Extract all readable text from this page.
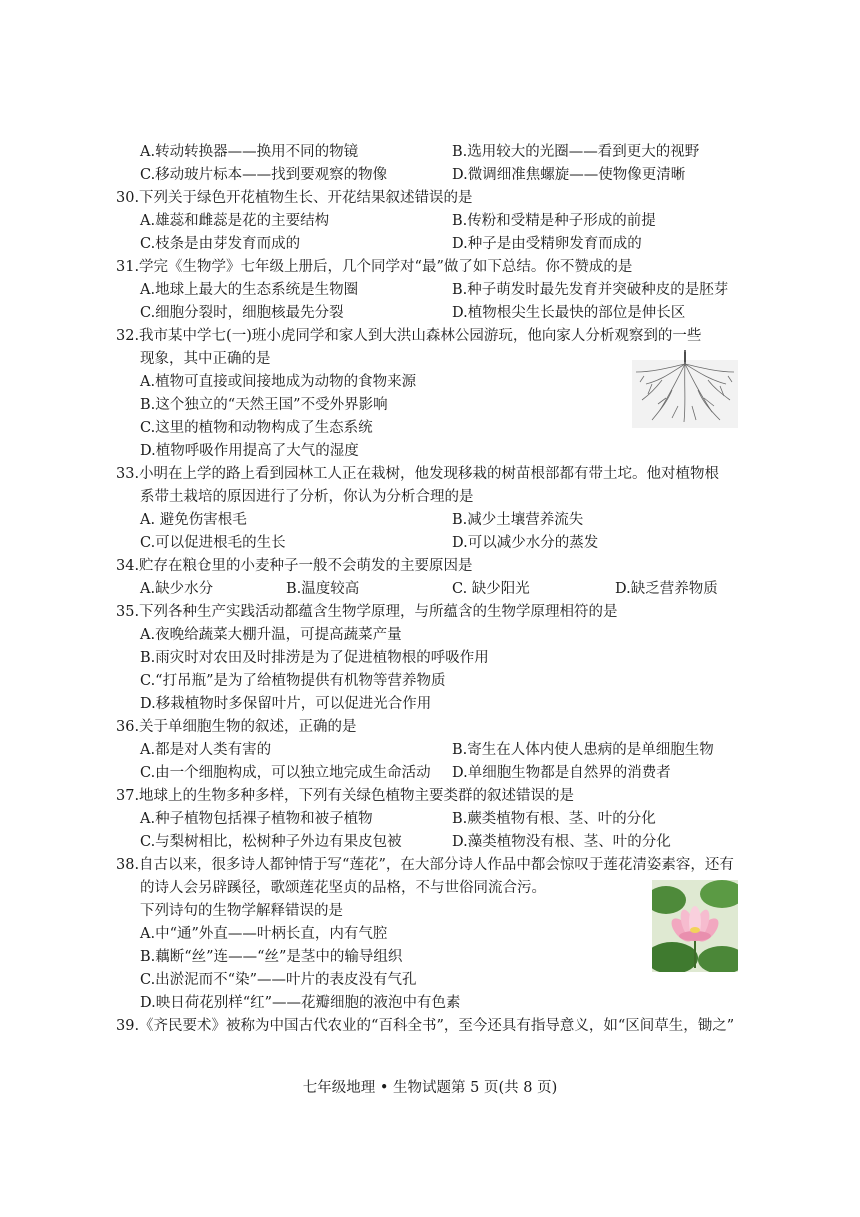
A.转动转换器——换用不同的物镜	B.选用较大的光圈——看到更大的视野
C.移动玻片标本——找到要观察的物像	D.微调细准焦螺旋——使物像更清晰
30.下列关于绿色开花植物生长、开花结果叙述错误的是
A.雄蕊和雌蕊是花的主要结构	B.传粉和受精是种子形成的前提
C.枝条是由芽发育而成的	D.种子是由受精卵发育而成的
31.学完《生物学》七年级上册后，几个同学对“最”做了如下总结。你不赞成的是
A.地球上最大的生态系统是生物圈	B.种子萌发时最先发育并突破种皮的是胚芽
C.细胞分裂时，细胞核最先分裂	D.植物根尖生长最快的部位是伸长区
32.我市某中学七(一)班小虎同学和家人到大洪山森林公园游玩，他向家人分析观察到的一些
现象，其中正确的是
A.植物可直接或间接地成为动物的食物来源
B.这个独立的“天然王国”不受外界影响
C.这里的植物和动物构成了生态系统
D.植物呼吸作用提高了大气的湿度
33.小明在上学的路上看到园林工人正在栽树，他发现移栽的树苗根部都有带土坨。他对植物根
系带土栽培的原因进行了分析，你认为分析合理的是
A. 避免伤害根毛	B.减少土壤营养流失
C.可以促进根毛的生长	D.可以减少水分的蒸发
34.贮存在粮仓里的小麦种子一般不会萌发的主要原因是
A.缺少水分	B.温度较高	C. 缺少阳光	D.缺乏营养物质
35.下列各种生产实践活动都蕴含生物学原理，与所蕴含的生物学原理相符的是
A.夜晚给蔬菜大棚升温，可提高蔬菜产量
B.雨灾时对农田及时排涝是为了促进植物根的呼吸作用
C.“打吊瓶”是为了给植物提供有机物等营养物质
D.移栽植物时多保留叶片，可以促进光合作用
36.关于单细胞生物的叙述，正确的是
A.都是对人类有害的	B.寄生在人体内使人患病的是单细胞生物
C.由一个细胞构成，可以独立地完成生命活动 D.单细胞生物都是自然界的消费者
37.地球上的生物多种多样，下列有关绿色植物主要类群的叙述错误的是
A.种子植物包括裸子植物和被子植物	B.蕨类植物有根、茎、叶的分化
C.与梨树相比，松树种子外边有果皮包被	D.藻类植物没有根、茎、叶的分化
38.自古以来，很多诗人都钟情于写“莲花”，在大部分诗人作品中都会惊叹于莲花清姿素容，还有
的诗人会另辟蹊径，歌颂莲花坚贞的品格，不与世俗同流合污。
下列诗句的生物学解释错误的是
A.中“通”外直——叶柄长直，内有气腔
B.藕断“丝”连——“丝”是茎中的输导组织
C.出淤泥而不“染”——叶片的表皮没有气孔
D.映日荷花别样“红”——花瓣细胞的液泡中有色素
39.《齐民要术》被称为中国古代农业的“百科全书”，至今还具有指导意义，如“区间草生，锄之”
七年级地理 • 生物试题第 5 页(共 8 页)
